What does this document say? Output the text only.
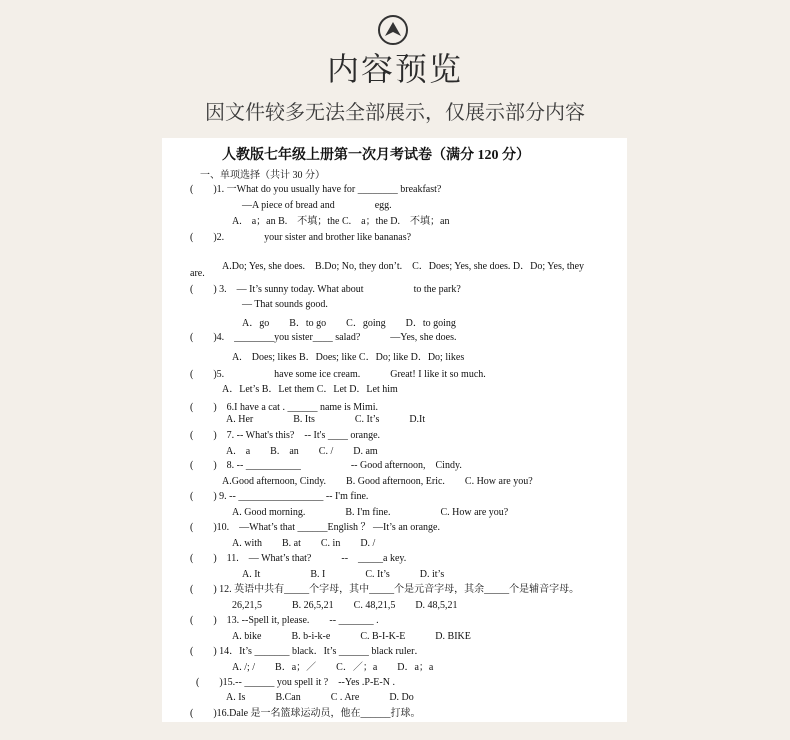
内容预览
因文件较多无法全部展示，仅展示部分内容
人教版七年级上册第一次月考试卷（满分 120 分）
一、单项选择（共计 30 分）
(　　)1. 一What do you usually have for ________ breakfast?
—A piece of bread and　　　　egg.
A.　a；an B.　不填；the C.　a；the D.　不填；an
(　　)2.　　　　your sister and brother like bananas?
A.Do; Yes, she does.　B.Do; No, they don’t.　C．Does; Yes, she does. D．Do; Yes, they
are.
(　　) 3.　— It’s sunny today. What about　　　　　to the park?
— That sounds good.
A．go　　B．to go　　C．going　　D．to going
(　　)4.　________you sister____ salad?　　　—Yes, she does.
A.　Does; likes B．Does; like C．Do; like D．Do; likes
(　　)5.　　　　　have some ice cream.　　　Great! I like it so much.
A．Let’s B．Let them C．Let D．Let him
(　　)　6.I have a cat . ______ name is Mimi.
A. Her　　　　B. Its　　　　C. It’s　　　D.It
(　　)　7. -- What's this?　-- It's ____ orange.
A.　a　　B.　an　　C. /　　D. am
(　　)　8. -- ___________　　　　　-- Good afternoon,　Cindy.
A.Good afternoon, Cindy.　　B. Good afternoon, Eric.　　C. How are you?
(　　) 9. -- _________________ -- I'm fine.
A. Good morning.　　　　B. I'm fine.　　　　　C. How are you?
(　　)10.　—What’s that ______English ？ —It’s an orange.
A. with　　B. at　　C. in　　D. /
(　　)　11.　— What’s that?　　　--　_____a key.
A. It　　　　　B. I　　　　C. It’s　　　D. it’s
(　　) 12. 英语中共有_____个字母，其中_____个是元音字母，其余_____个是辅音字母。
26,21,5　　　B. 26,5,21　　C. 48,21,5　　D. 48,5,21
(　　)　13. --Spell it, please.　　-- _______ .
A. bike　　　B. b-i-k-e　　　C. B-I-K-E　　　D. BIKE
(　　) 14．It’s _______ black．It’s ______ black ruler．
A. /; /　　B．a；／　　C．／；a　　D．a；a
(　　)15.-- ______ you spell it ?　--Yes .P-E-N .
A. Is　　　B.Can　　　C . Are　　　D. Do
(　　)16.Dale 是一名篮球运动员，他在______打球。
